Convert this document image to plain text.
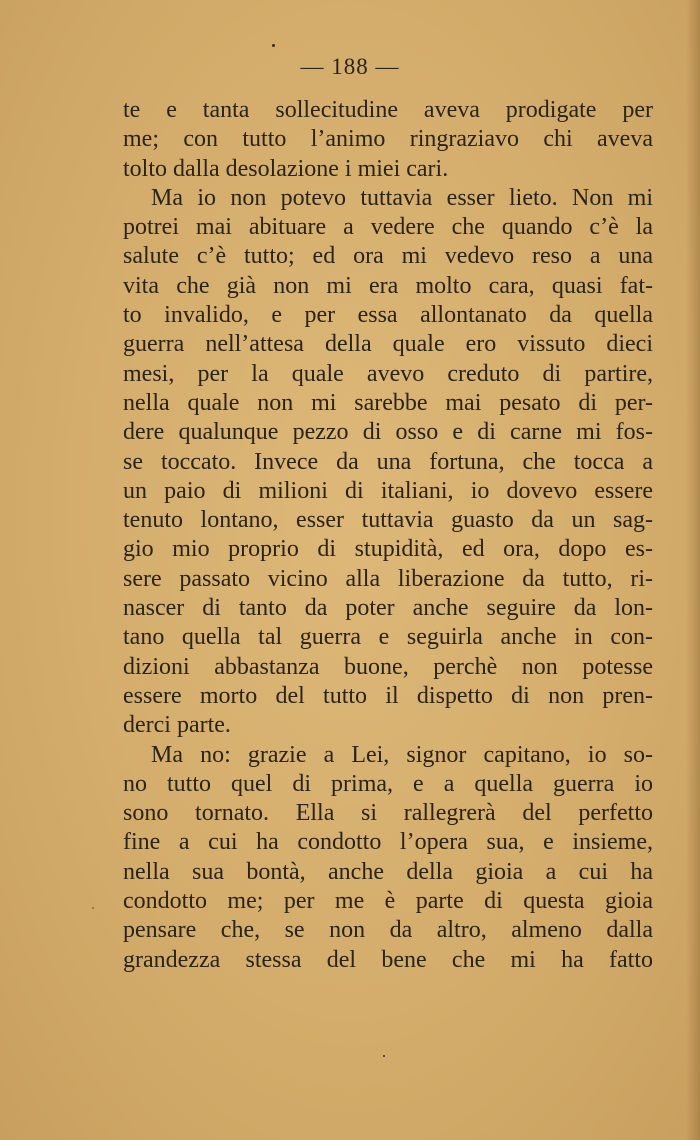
— 188 —
te e tanta sollecitudine aveva prodigate per
me; con tutto l’animo ringraziavo chi aveva
tolto dalla desolazione i miei cari.
Ma io non potevo tuttavia esser lieto. Non mi
potrei mai abituare a vedere che quando c’è la
salute c’è tutto; ed ora mi vedevo reso a una
vita che già non mi era molto cara, quasi fat-
to invalido, e per essa allontanato da quella
guerra nell’attesa della quale ero vissuto dieci
mesi, per la quale avevo creduto di partire,
nella quale non mi sarebbe mai pesato di per-
dere qualunque pezzo di osso e di carne mi fos-
se toccato. Invece da una fortuna, che tocca a
un paio di milioni di italiani, io dovevo essere
tenuto lontano, esser tuttavia guasto da un sag-
gio mio proprio di stupidità, ed ora, dopo es-
sere passato vicino alla liberazione da tutto, ri-
nascer di tanto da poter anche seguire da lon-
tano quella tal guerra e seguirla anche in con-
dizioni abbastanza buone, perchè non potesse
essere morto del tutto il dispetto di non pren-
derci parte.
Ma no: grazie a Lei, signor capitano, io so-
no tutto quel di prima, e a quella guerra io
sono tornato. Ella si rallegrerà del perfetto
fine a cui ha condotto l’opera sua, e insieme,
nella sua bontà, anche della gioia a cui ha
condotto me; per me è parte di questa gioia
pensare che, se non da altro, almeno dalla
grandezza stessa del bene che mi ha fatto
